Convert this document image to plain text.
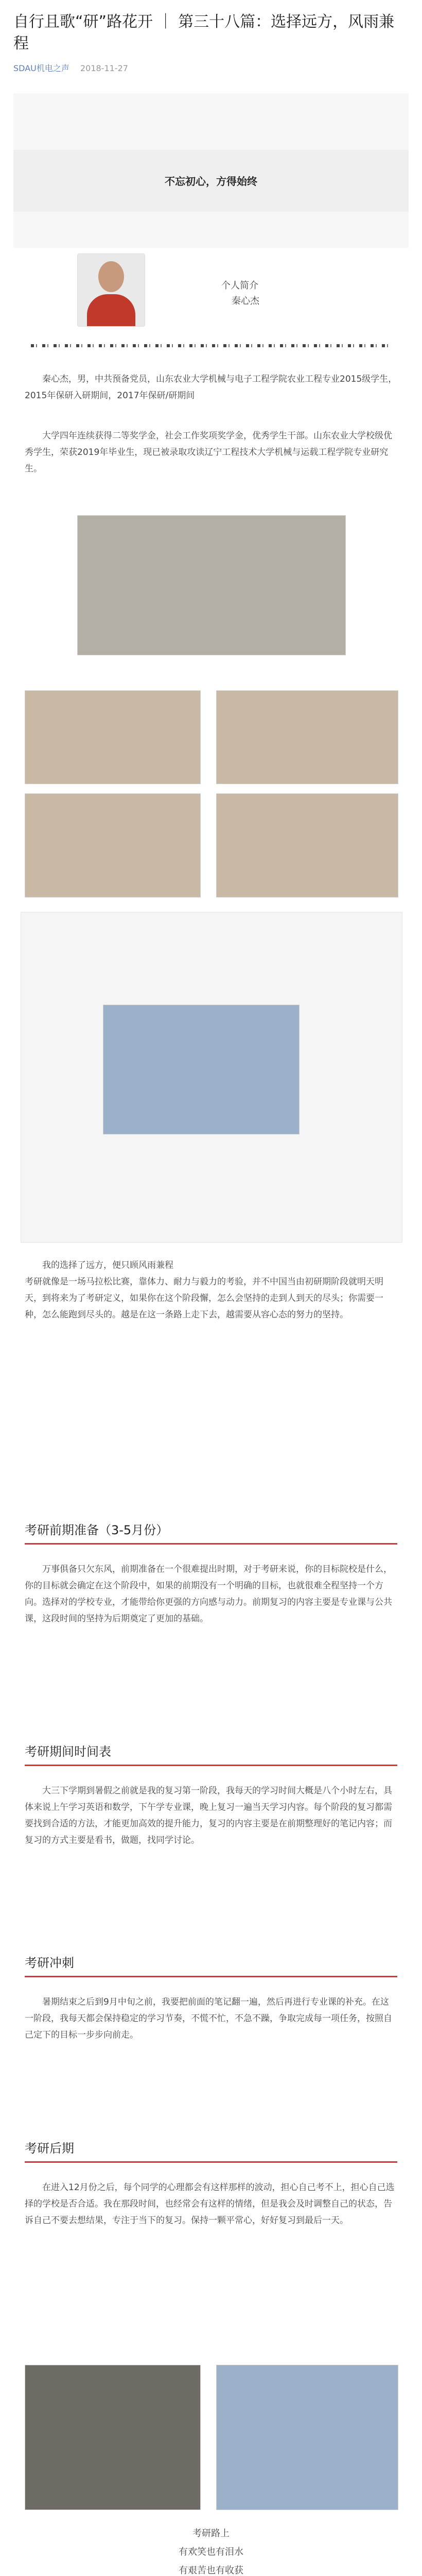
自行且歌“研”路花开 ｜ 第三十八篇：选择远方，风雨兼程
SDAU机电之声 2018-11-27
不忘初心，方得始终
个人简介
秦心杰

秦心杰，男，中共预备党员，山东农业大学机械与电子工程学院农业工程专业2015级学生，2015年保研入研期间，2017年保研/研期间

大学四年连续获得二等奖学金，社会工作奖项奖学金，优秀学生干部。山东农业大学校级优秀学生，荣获2019年毕业生，现已被录取攻读辽宁工程技术大学机械与运载工程学院专业研究生。

我的选择了远方，便只顾风雨兼程
考研就像是一场马拉松比赛，靠体力、耐力与毅力的考验，并不中国当由初研期阶段就明天明天，到将来为了考研定义，如果你在这个阶段懈，怎么会坚持的走到人到天的尽头；你需要一种，怎么能跑到尽头的。越是在这一条路上走下去，越需要从容心态的努力的坚持。

考研前期准备（3-5月份）

万事俱备只欠东风，前期准备在一个很难提出时期，对于考研来说，你的目标院校是什么，你的目标就会确定在这个阶段中，如果的前期没有一个明确的目标，也就很难全程坚持一个方向。选择对的学校专业，才能带给你更强的方向感与动力。前期复习的内容主要是专业课与公共课，这段时间的坚持为后期奠定了更加的基础。

考研期间时间表

大三下学期到暑假之前就是我的复习第一阶段，我每天的学习时间大概是八个小时左右，具体来说上午学习英语和数学，下午学专业课，晚上复习一遍当天学习内容。每个阶段的复习都需要找到合适的方法，才能更加高效的提升能力，复习的内容主要是在前期整理好的笔记内容；而复习的方式主要是看书，做题，找同学讨论。

考研冲刺

暑期结束之后到9月中旬之前，我要把前面的笔记翻一遍，然后再进行专业课的补充。在这一阶段，我每天都会保持稳定的学习节奏，不慌不忙，不急不躁，争取完成每一项任务，按照自己定下的目标一步步向前走。

考研后期

在进入12月份之后，每个同学的心理都会有这样那样的波动，担心自己考不上，担心自己选择的学校是否合适。我在那段时间，也经常会有这样的情绪，但是我会及时调整自己的状态，告诉自己不要去想结果，专注于当下的复习。保持一颗平常心，好好复习到最后一天。

考研路上
有欢笑也有泪水
有艰苦也有收获
